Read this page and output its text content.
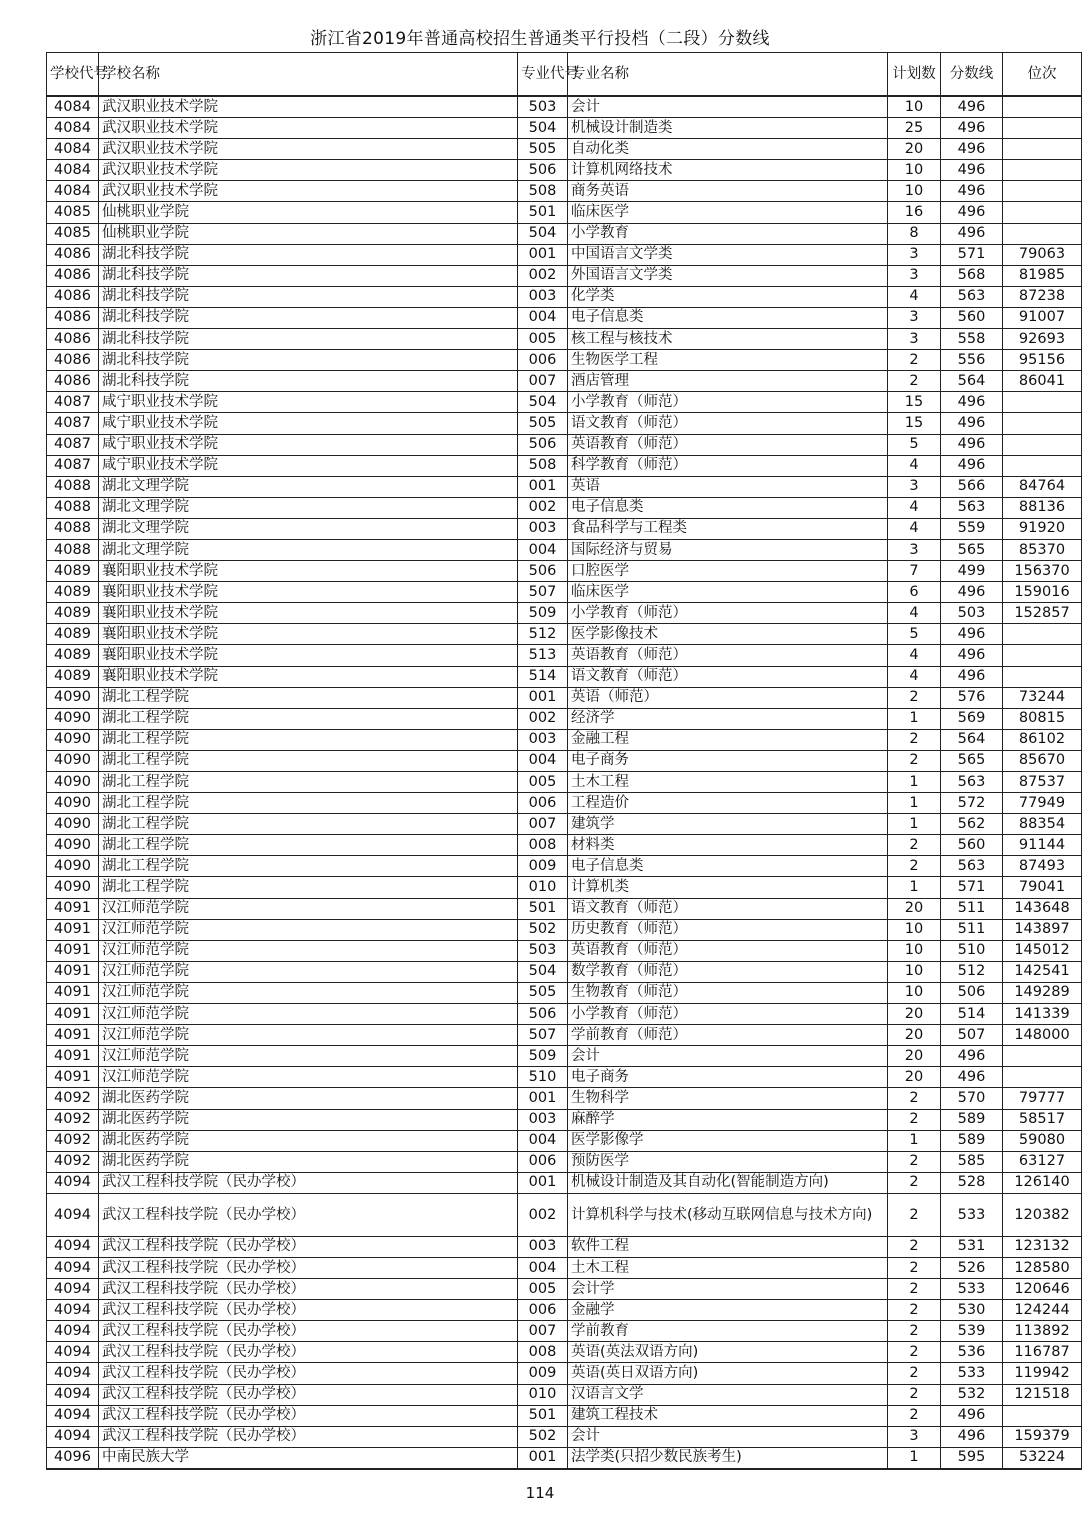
浙江省2019年普通高校招生普通类平行投档（二段）分数线
学校代号	学校名称	专业代号	专业名称	计划数	分数线	位次
4084	武汉职业技术学院	503	会计	10	496	
4084	武汉职业技术学院	504	机械设计制造类	25	496	
4084	武汉职业技术学院	505	自动化类	20	496	
4084	武汉职业技术学院	506	计算机网络技术	10	496	
4084	武汉职业技术学院	508	商务英语	10	496	
4085	仙桃职业学院	501	临床医学	16	496	
4085	仙桃职业学院	504	小学教育	8	496	
4086	湖北科技学院	001	中国语言文学类	3	571	79063
4086	湖北科技学院	002	外国语言文学类	3	568	81985
4086	湖北科技学院	003	化学类	4	563	87238
4086	湖北科技学院	004	电子信息类	3	560	91007
4086	湖北科技学院	005	核工程与核技术	3	558	92693
4086	湖北科技学院	006	生物医学工程	2	556	95156
4086	湖北科技学院	007	酒店管理	2	564	86041
4087	咸宁职业技术学院	504	小学教育（师范）	15	496	
4087	咸宁职业技术学院	505	语文教育（师范）	15	496	
4087	咸宁职业技术学院	506	英语教育（师范）	5	496	
4087	咸宁职业技术学院	508	科学教育（师范）	4	496	
4088	湖北文理学院	001	英语	3	566	84764
4088	湖北文理学院	002	电子信息类	4	563	88136
4088	湖北文理学院	003	食品科学与工程类	4	559	91920
4088	湖北文理学院	004	国际经济与贸易	3	565	85370
4089	襄阳职业技术学院	506	口腔医学	7	499	156370
4089	襄阳职业技术学院	507	临床医学	6	496	159016
4089	襄阳职业技术学院	509	小学教育（师范）	4	503	152857
4089	襄阳职业技术学院	512	医学影像技术	5	496	
4089	襄阳职业技术学院	513	英语教育（师范）	4	496	
4089	襄阳职业技术学院	514	语文教育（师范）	4	496	
4090	湖北工程学院	001	英语（师范）	2	576	73244
4090	湖北工程学院	002	经济学	1	569	80815
4090	湖北工程学院	003	金融工程	2	564	86102
4090	湖北工程学院	004	电子商务	2	565	85670
4090	湖北工程学院	005	土木工程	1	563	87537
4090	湖北工程学院	006	工程造价	1	572	77949
4090	湖北工程学院	007	建筑学	1	562	88354
4090	湖北工程学院	008	材料类	2	560	91144
4090	湖北工程学院	009	电子信息类	2	563	87493
4090	湖北工程学院	010	计算机类	1	571	79041
4091	汉江师范学院	501	语文教育（师范）	20	511	143648
4091	汉江师范学院	502	历史教育（师范）	10	511	143897
4091	汉江师范学院	503	英语教育（师范）	10	510	145012
4091	汉江师范学院	504	数学教育（师范）	10	512	142541
4091	汉江师范学院	505	生物教育（师范）	10	506	149289
4091	汉江师范学院	506	小学教育（师范）	20	514	141339
4091	汉江师范学院	507	学前教育（师范）	20	507	148000
4091	汉江师范学院	509	会计	20	496	
4091	汉江师范学院	510	电子商务	20	496	
4092	湖北医药学院	001	生物科学	2	570	79777
4092	湖北医药学院	003	麻醉学	2	589	58517
4092	湖北医药学院	004	医学影像学	1	589	59080
4092	湖北医药学院	006	预防医学	2	585	63127
4094	武汉工程科技学院（民办学校）	001	机械设计制造及其自动化(智能制造方向)	2	528	126140
4094	武汉工程科技学院（民办学校）	002	计算机科学与技术(移动互联网信息与技术方向)	2	533	120382
4094	武汉工程科技学院（民办学校）	003	软件工程	2	531	123132
4094	武汉工程科技学院（民办学校）	004	土木工程	2	526	128580
4094	武汉工程科技学院（民办学校）	005	会计学	2	533	120646
4094	武汉工程科技学院（民办学校）	006	金融学	2	530	124244
4094	武汉工程科技学院（民办学校）	007	学前教育	2	539	113892
4094	武汉工程科技学院（民办学校）	008	英语(英法双语方向)	2	536	116787
4094	武汉工程科技学院（民办学校）	009	英语(英日双语方向)	2	533	119942
4094	武汉工程科技学院（民办学校）	010	汉语言文学	2	532	121518
4094	武汉工程科技学院（民办学校）	501	建筑工程技术	2	496	
4094	武汉工程科技学院（民办学校）	502	会计	3	496	159379
4096	中南民族大学	001	法学类(只招少数民族考生)	1	595	53224
114
